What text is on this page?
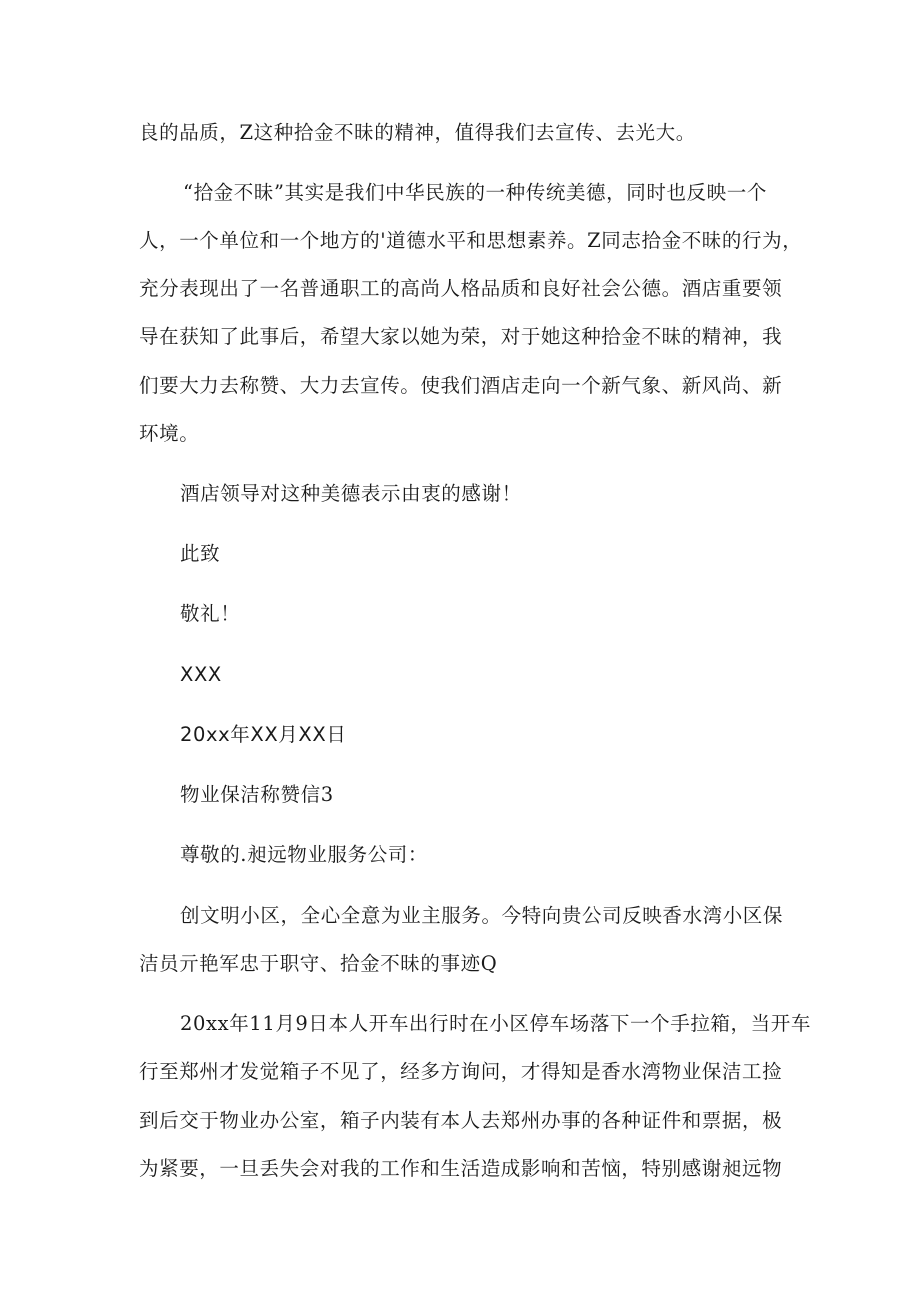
良的品质，Z这种拾金不昧的精神，值得我们去宣传、去光大。
“拾金不昧”其实是我们中华民族的一种传统美德，同时也反映一个
人，一个单位和一个地方的'道德水平和思想素养。Z同志拾金不昧的行为，
充分表现出了一名普通职工的高尚人格品质和良好社会公德。酒店重要领
导在获知了此事后，希望大家以她为荣，对于她这种拾金不昧的精神，我
们要大力去称赞、大力去宣传。使我们酒店走向一个新气象、新风尚、新
环境。
酒店领导对这种美德表示由衷的感谢！
此致
敬礼！
XXX
20xx年XX月XX日
物业保洁称赞信3
尊敬的.昶远物业服务公司：
创文明小区，全心全意为业主服务。今特向贵公司反映香水湾小区保
洁员亓艳军忠于职守、拾金不昧的事迹Q
20xx年11月9日本人开车出行时在小区停车场落下一个手拉箱，当开车
行至郑州才发觉箱子不见了，经多方询问，才得知是香水湾物业保洁工捡
到后交于物业办公室，箱子内装有本人去郑州办事的各种证件和票据，极
为紧要，一旦丢失会对我的工作和生活造成影响和苦恼，特别感谢昶远物
